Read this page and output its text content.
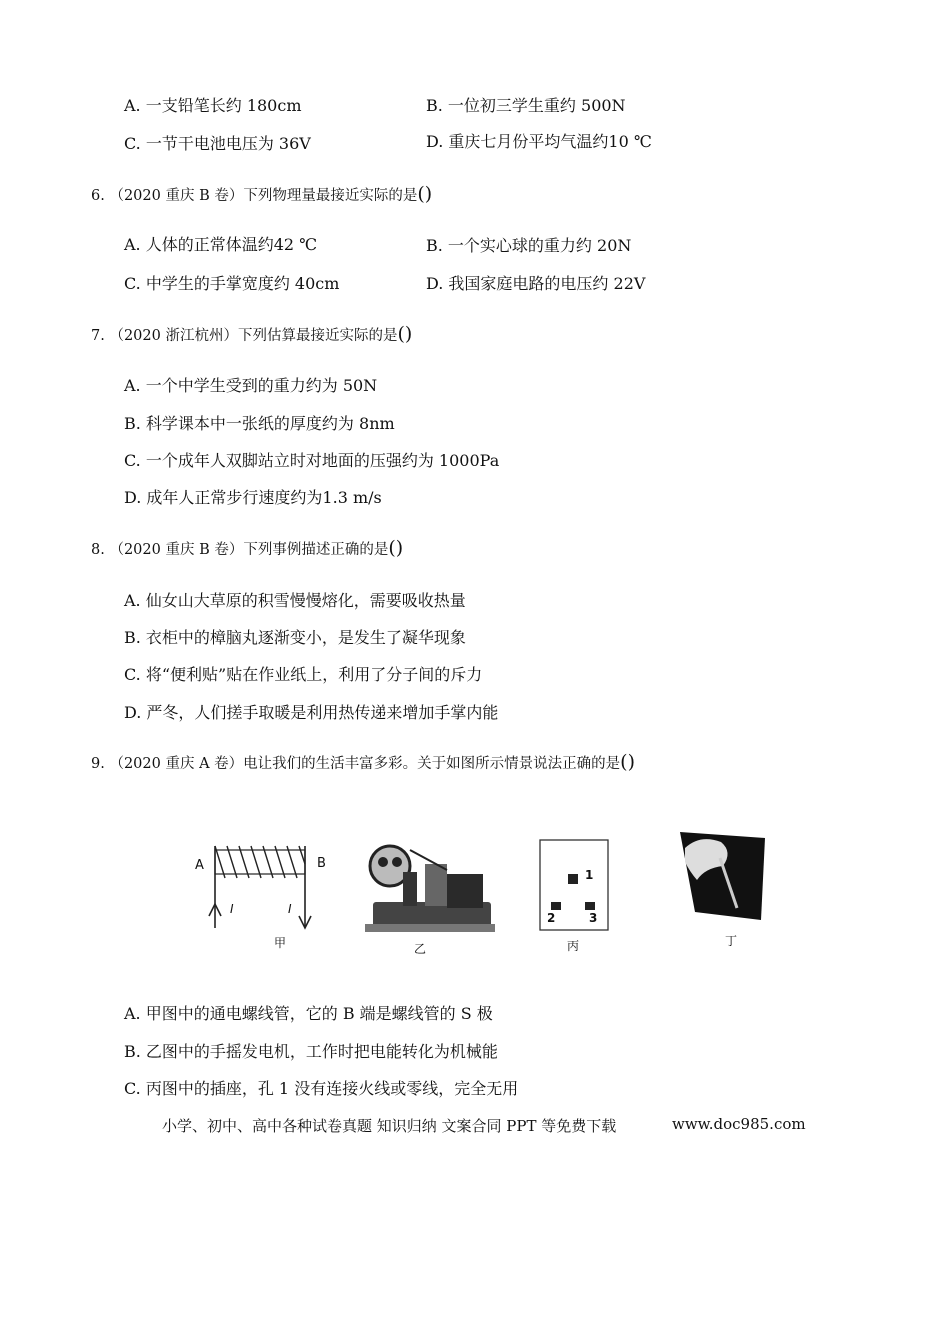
A. 一支铅笔长约 180cm	B. 一位初三学生重约 500N
C. 一节干电池电压为 36V	D. 重庆七月份平均气温约10 ℃
6. （2020 重庆 B 卷）下列物理量最接近实际的是()
A. 人体的正常体温约42 ℃	B. 一个实心球的重力约 20N
C. 中学生的手掌宽度约 40cm	D. 我国家庭电路的电压约 22V
7. （2020 浙江杭州）下列估算最接近实际的是()
A. 一个中学生受到的重力约为 50N
B. 科学课本中一张纸的厚度约为 8nm
C. 一个成年人双脚站立时对地面的压强约为 1000Pa
D. 成年人正常步行速度约为1.3 m/s
8. （2020 重庆 B 卷）下列事例描述正确的是()
A. 仙女山大草原的积雪慢慢熔化，需要吸收热量
B. 衣柜中的樟脑丸逐渐变小，是发生了凝华现象
C. 将“便利贴”贴在作业纸上，利用了分子间的斥力
D. 严冬，人们搓手取暖是利用热传递来增加手掌内能
9. （2020 重庆 A 卷）电让我们的生活丰富多彩。关于如图所示情景说法正确的是()
A	B
I	I
1
2	3
甲	乙	丙	丁
A. 甲图中的通电螺线管，它的 B 端是螺线管的 S 极
B. 乙图中的手摇发电机，工作时把电能转化为机械能
C. 丙图中的插座，孔 1 没有连接火线或零线，完全无用
小学、初中、高中各种试卷真题 知识归纳 文案合同 PPT 等免费下载	www.doc985.com
